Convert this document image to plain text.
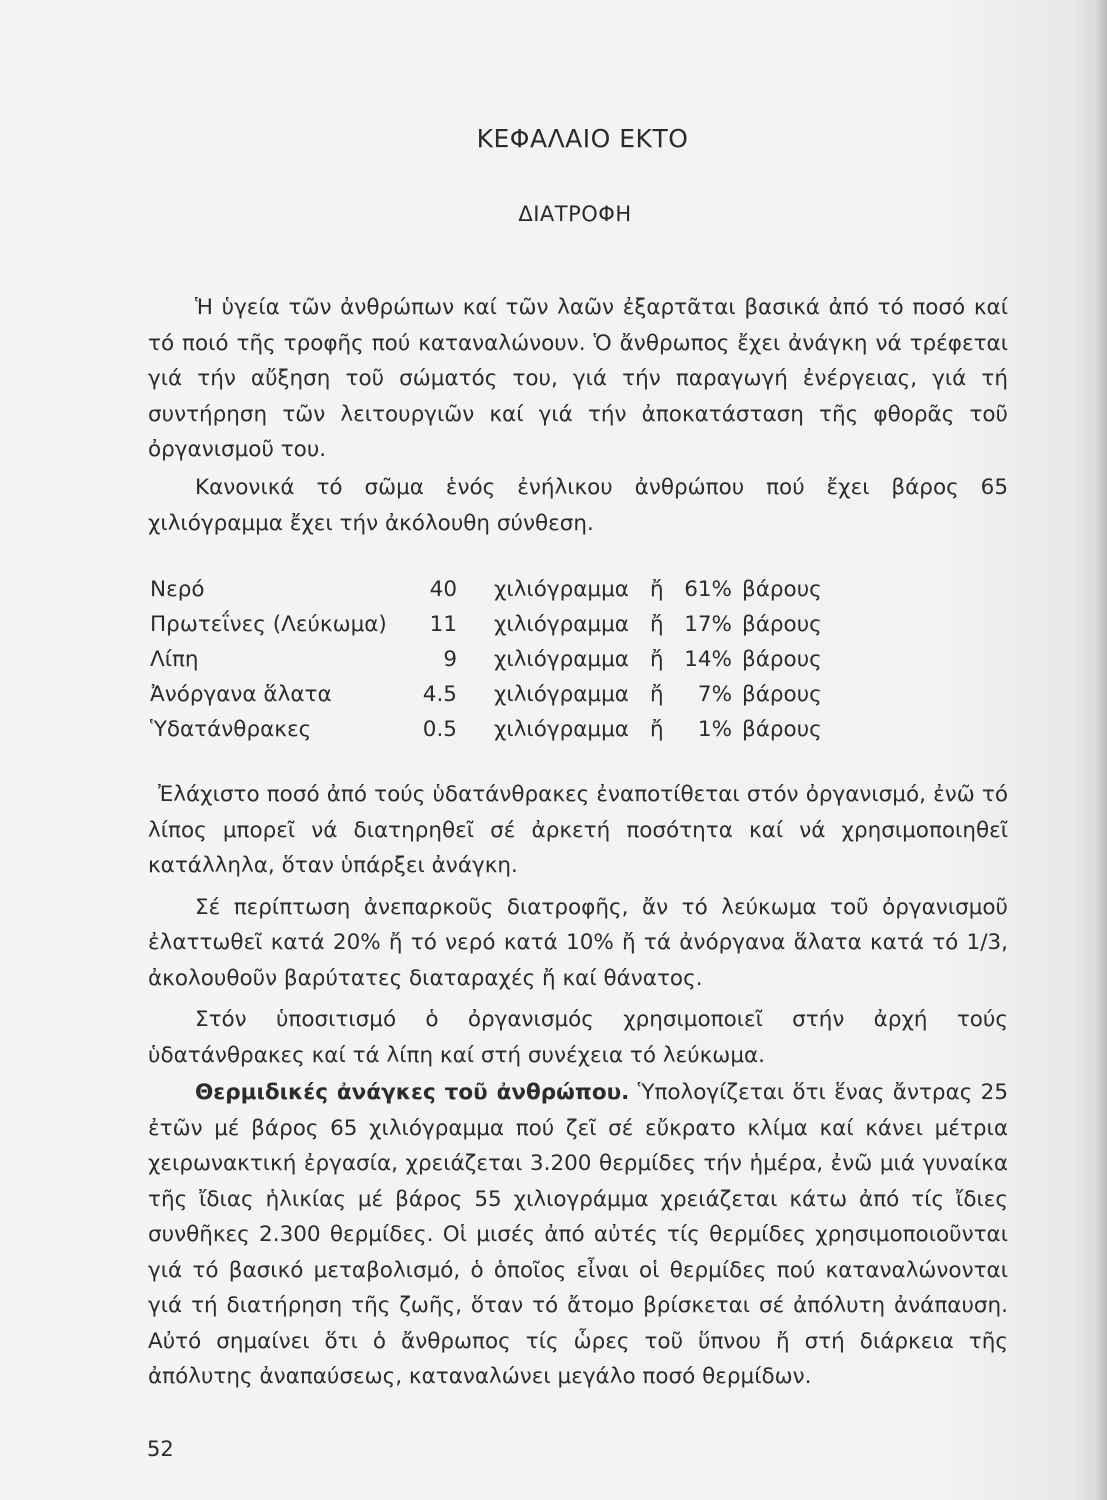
ΚΕΦΑΛΑΙΟ ΕΚΤΟ
ΔΙΑΤΡΟΦΗ

Ἡ ὑγεία τῶν ἀνθρώπων καί τῶν λαῶν ἐξαρτᾶται βασικά ἀπό τό ποσό καί τό ποιό τῆς τροφῆς πού καταναλώνουν. Ὁ ἄνθρωπος ἔχει ἀνάγκη νά τρέφεται γιά τήν αὔξηση τοῦ σώματός του, γιά τήν παραγωγή ἐνέργειας, γιά τή συντήρηση τῶν λειτουργιῶν καί γιά τήν ἀποκατάσταση τῆς φθορᾶς τοῦ ὀργανισμοῦ του.

Κανονικά τό σῶμα ἑνός ἐνήλικου ἀνθρώπου πού ἔχει βάρος 65 χιλιόγραμμα ἔχει τήν ἀκόλουθη σύνθεση.

Νερό	40 χιλιόγραμμα ἤ 61% βάρους
Πρωτεΐνες (Λεύκωμα)	11 χιλιόγραμμα ἤ 17% βάρους
Λίπη	9 χιλιόγραμμα ἤ 14% βάρους
Ἀνόργανα ἅλατα	4.5 χιλιόγραμμα ἤ	7% βάρους
Ὑδατάνθρακες	0.5 χιλιόγραμμα ἤ	1% βάρους

Ἐλάχιστο ποσό ἀπό τούς ὑδατάνθρακες ἐναποτίθεται στόν ὀργανισμό, ἐνῶ τό λίπος μπορεῖ νά διατηρηθεῖ σέ ἀρκετή ποσότητα καί νά χρησιμοποιηθεῖ κατάλληλα, ὅταν ὑπάρξει ἀνάγκη.

Σέ περίπτωση ἀνεπαρκοῦς διατροφῆς, ἄν τό λεύκωμα τοῦ ὀργανισμοῦ ἐλαττωθεῖ κατά 20% ἤ τό νερό κατά 10% ἤ τά ἀνόργανα ἅλατα κατά τό 1/3, ἀκολουθοῦν βαρύτατες διαταραχές ἤ καί θάνατος.

Στόν ὑποσιτισμό ὁ ὀργανισμός χρησιμοποιεῖ στήν ἀρχή τούς ὑδατάνθρακες καί τά λίπη καί στή συνέχεια τό λεύκωμα.

Θερμιδικές ἀνάγκες τοῦ ἀνθρώπου. Ὑπολογίζεται ὅτι ἕνας ἄντρας 25 ἐτῶν μέ βάρος 65 χιλιόγραμμα πού ζεῖ σέ εὔκρατο κλίμα καί κάνει μέτρια χειρωνακτική ἐργασία, χρειάζεται 3.200 θερμίδες τήν ἡμέρα, ἐνῶ μιά γυναίκα τῆς ἴδιας ἡλικίας μέ βάρος 55 χιλιογράμμα χρειάζεται κάτω ἀπό τίς ἴδιες συνθῆκες 2.300 θερμίδες. Οἱ μισές ἀπό αὐτές τίς θερμίδες χρησιμοποιοῦνται γιά τό βασικό μεταβολισμό, ὁ ὁποῖος εἶναι οἱ θερμίδες πού καταναλώνονται γιά τή διατήρηση τῆς ζωῆς, ὅταν τό ἄτομο βρίσκεται σέ ἀπόλυτη ἀνάπαυση. Αὐτό σημαίνει ὅτι ὁ ἄνθρωπος τίς ὧρες τοῦ ὕπνου ἤ στή διάρκεια τῆς ἀπόλυτης ἀναπαύσεως, καταναλώνει μεγάλο ποσό θερμίδων.

52
